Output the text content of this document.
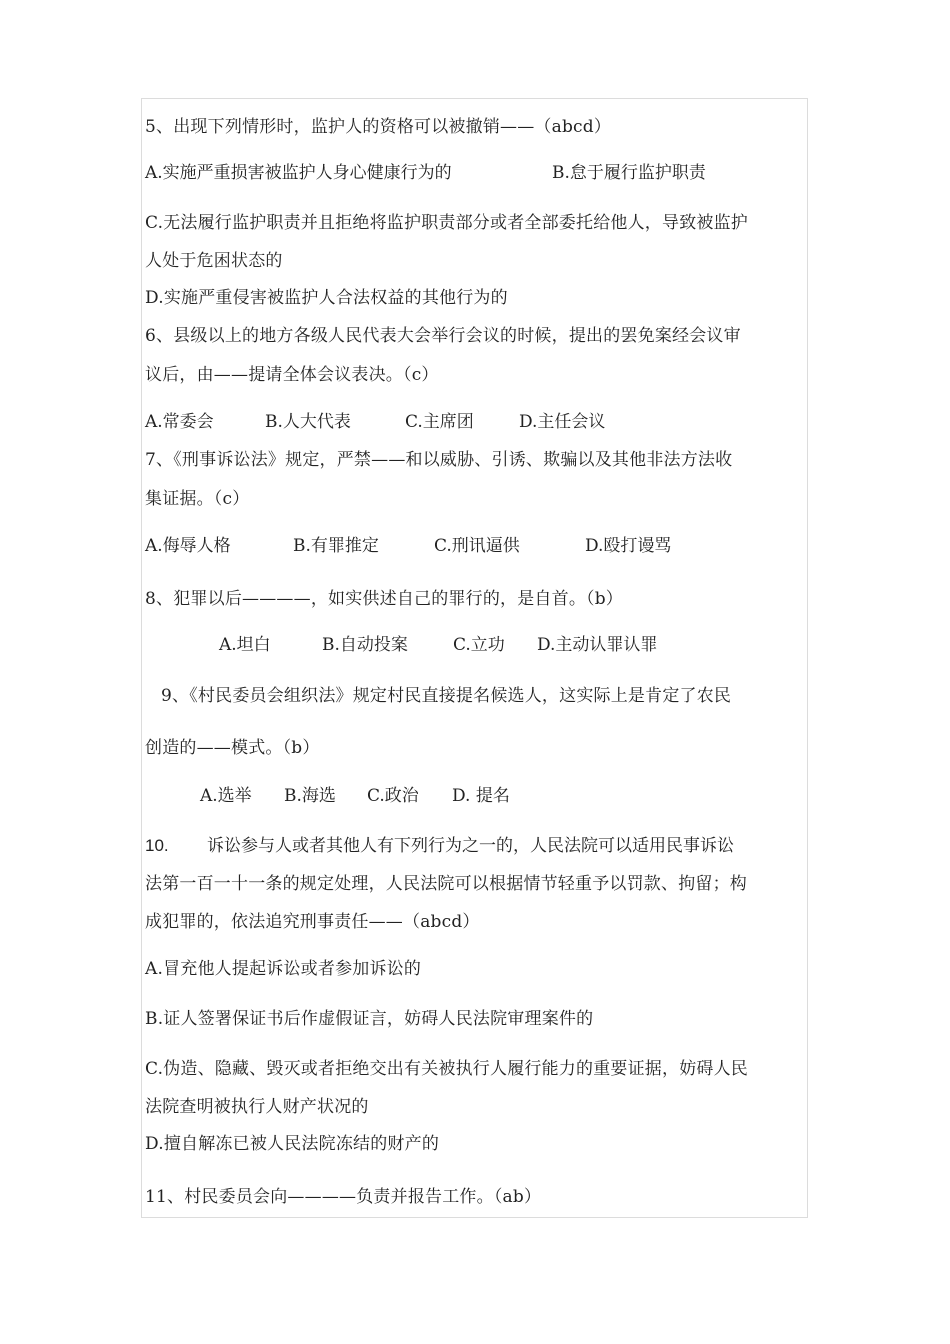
5、出现下列情形时，监护人的资格可以被撤销——（abcd）
A.实施严重损害被监护人身心健康行为的	B.怠于履行监护职责
C.无法履行监护职责并且拒绝将监护职责部分或者全部委托给他人，导致被监护
人处于危困状态的
D.实施严重侵害被监护人合法权益的其他行为的
6、县级以上的地方各级人民代表大会举行会议的时候，提出的罢免案经会议审
议后，由——提请全体会议表决。（c）
A.常委会	B.人大代表	C.主席团	D.主任会议
7、《刑事诉讼法》规定，严禁——和以威胁、引诱、欺骗以及其他非法方法收
集证据。（c）
A.侮辱人格	B.有罪推定	C.刑讯逼供	D.殴打谩骂
8、犯罪以后————，如实供述自己的罪行的，是自首。（b）
A.坦白	B.自动投案	C.立功 D.主动认罪认罪
9、《村民委员会组织法》规定村民直接提名候选人，这实际上是肯定了农民
创造的——模式。（b）
A.选举 B.海选 C.政治 D. 提名
10. 诉讼参与人或者其他人有下列行为之一的，人民法院可以适用民事诉讼
法第一百一十一条的规定处理，人民法院可以根据情节轻重予以罚款、拘留；构
成犯罪的，依法追究刑事责任——（abcd）
A.冒充他人提起诉讼或者参加诉讼的
B.证人签署保证书后作虚假证言，妨碍人民法院审理案件的
C.伪造、隐藏、毁灭或者拒绝交出有关被执行人履行能力的重要证据，妨碍人民
法院查明被执行人财产状况的
D.擅自解冻已被人民法院冻结的财产的
11、村民委员会向————负责并报告工作。（ab）
